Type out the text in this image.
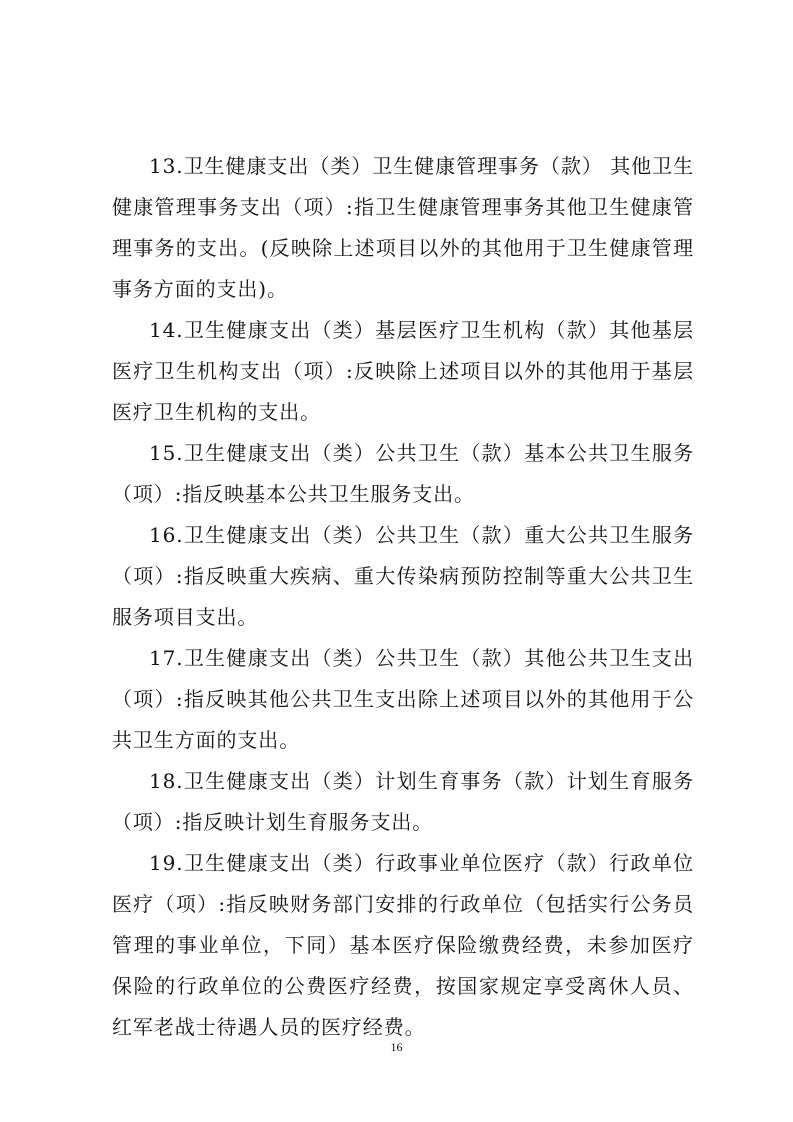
13.卫生健康支出（类）卫生健康管理事务（款） 其他卫生健康管理事务支出（项）:指卫生健康管理事务其他卫生健康管理事务的支出。(反映除上述项目以外的其他用于卫生健康管理事务方面的支出)。

14.卫生健康支出（类）基层医疗卫生机构（款）其他基层医疗卫生机构支出（项）:反映除上述项目以外的其他用于基层医疗卫生机构的支出。

15.卫生健康支出（类）公共卫生（款）基本公共卫生服务（项）:指反映基本公共卫生服务支出。

16.卫生健康支出（类）公共卫生（款）重大公共卫生服务（项）:指反映重大疾病、重大传染病预防控制等重大公共卫生服务项目支出。

17.卫生健康支出（类）公共卫生（款）其他公共卫生支出（项）:指反映其他公共卫生支出除上述项目以外的其他用于公共卫生方面的支出。

18.卫生健康支出（类）计划生育事务（款）计划生育服务（项）:指反映计划生育服务支出。

19.卫生健康支出（类）行政事业单位医疗（款）行政单位医疗（项）:指反映财务部门安排的行政单位（包括实行公务员管理的事业单位，下同）基本医疗保险缴费经费，未参加医疗保险的行政单位的公费医疗经费，按国家规定享受离休人员、红军老战士待遇人员的医疗经费。

16
